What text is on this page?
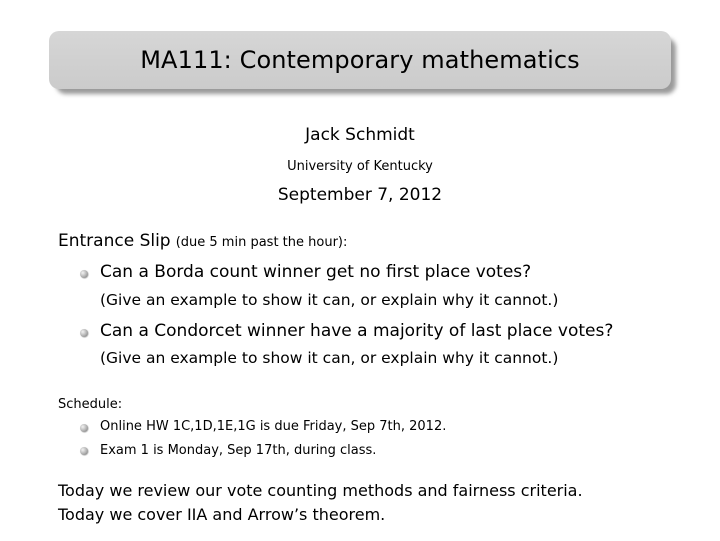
MA111: Contemporary mathematics
Jack Schmidt
University of Kentucky
September 7, 2012
Entrance Slip (due 5 min past the hour):
Can a Borda count winner get no first place votes?
(Give an example to show it can, or explain why it cannot.)
Can a Condorcet winner have a majority of last place votes?
(Give an example to show it can, or explain why it cannot.)
Schedule:
Online HW 1C,1D,1E,1G is due Friday, Sep 7th, 2012.
Exam 1 is Monday, Sep 17th, during class.
Today we review our vote counting methods and fairness criteria.
Today we cover IIA and Arrow’s theorem.
